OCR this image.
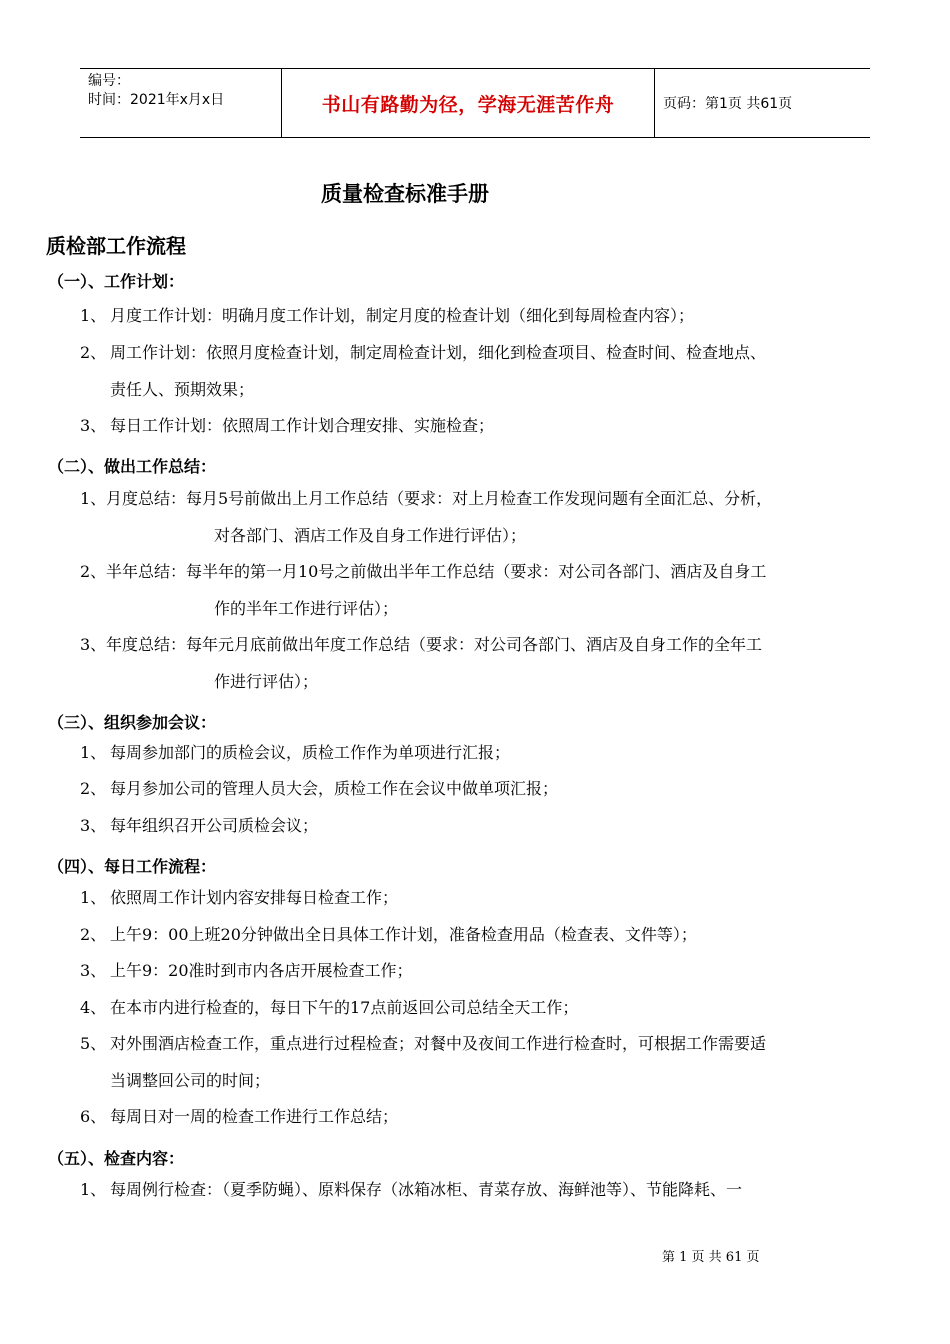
编号：
时间：2021年x月x日	书山有路勤为径，学海无涯苦作舟	页码：第1页 共61页
质量检查标准手册
质检部工作流程
（一）、工作计划：
1、 月度工作计划：明确月度工作计划，制定月度的检查计划（细化到每周检查内容）；
2、 周工作计划：依照月度检查计划，制定周检查计划，细化到检查项目、检查时间、检查地点、
责任人、预期效果；
3、 每日工作计划：依照周工作计划合理安排、实施检查；
（二）、做出工作总结：
1、月度总结：每月5号前做出上月工作总结（要求：对上月检查工作发现问题有全面汇总、分析，
对各部门、酒店工作及自身工作进行评估）；
2、半年总结：每半年的第一月10号之前做出半年工作总结（要求：对公司各部门、酒店及自身工
作的半年工作进行评估）；
3、年度总结：每年元月底前做出年度工作总结（要求：对公司各部门、酒店及自身工作的全年工
作进行评估）；
（三）、组织参加会议：
1、 每周参加部门的质检会议，质检工作作为单项进行汇报；
2、 每月参加公司的管理人员大会，质检工作在会议中做单项汇报；
3、 每年组织召开公司质检会议；
（四）、每日工作流程：
1、 依照周工作计划内容安排每日检查工作；
2、 上午9：00上班20分钟做出全日具体工作计划，准备检查用品（检查表、文件等）；
3、 上午9：20准时到市内各店开展检查工作；
4、 在本市内进行检查的，每日下午的17点前返回公司总结全天工作；
5、 对外围酒店检查工作，重点进行过程检查；对餐中及夜间工作进行检查时，可根据工作需要适
当调整回公司的时间；
6、 每周日对一周的检查工作进行工作总结；
（五）、检查内容：
1、 每周例行检查：（夏季防蝇）、原料保存（冰箱冰柜、青菜存放、海鲜池等）、节能降耗、一
第 1 页 共 61 页
